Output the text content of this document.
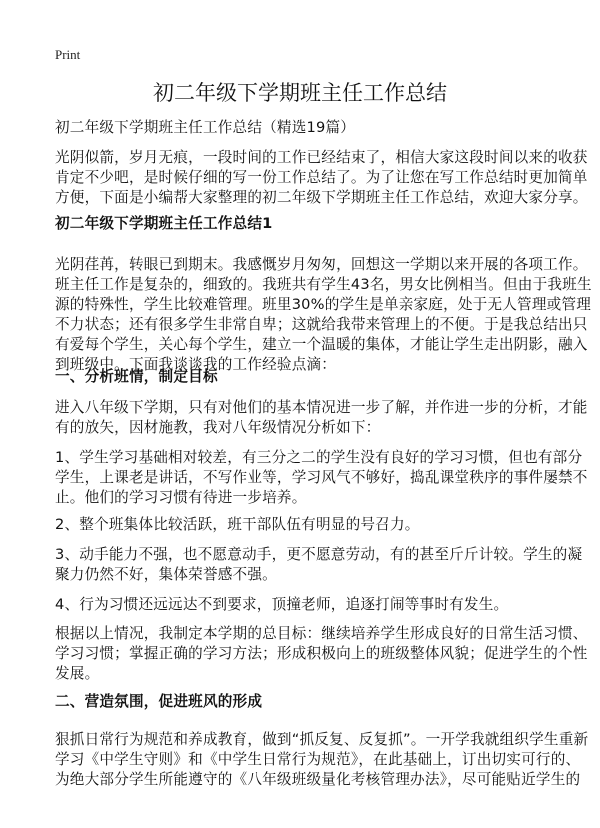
Print
初二年级下学期班主任工作总结
初二年级下学期班主任工作总结（精选19篇）
光阴似箭，岁月无痕，一段时间的工作已经结束了，相信大家这段时间以来的收获
肯定不少吧，是时候仔细的写一份工作总结了。为了让您在写工作总结时更加简单
方便，下面是小编帮大家整理的初二年级下学期班主任工作总结，欢迎大家分享。
初二年级下学期班主任工作总结1
光阴荏苒，转眼已到期末。我感慨岁月匆匆，回想这一学期以来开展的各项工作。
班主任工作是复杂的，细致的。我班共有学生43名，男女比例相当。但由于我班生
源的特殊性，学生比较难管理。班里30%的学生是单亲家庭，处于无人管理或管理
不力状态；还有很多学生非常自卑；这就给我带来管理上的不便。于是我总结出只
有爱每个学生，关心每个学生，建立一个温暖的集体，才能让学生走出阴影，融入
到班级中。下面我谈谈我的工作经验点滴：
一、分析班情，制定目标
进入八年级下学期，只有对他们的基本情况进一步了解，并作进一步的分析，才能
有的放矢，因材施教，我对八年级情况分析如下：
1、学生学习基础相对较差，有三分之二的学生没有良好的学习习惯，但也有部分
学生，上课老是讲话，不写作业等，学习风气不够好，捣乱课堂秩序的事件屡禁不
止。他们的学习习惯有待进一步培养。
2、整个班集体比较活跃，班干部队伍有明显的号召力。
3、动手能力不强，也不愿意动手，更不愿意劳动，有的甚至斤斤计较。学生的凝
聚力仍然不好，集体荣誉感不强。
4、行为习惯还远远达不到要求，顶撞老师，追逐打闹等事时有发生。
根据以上情况，我制定本学期的总目标：继续培养学生形成良好的日常生活习惯、
学习习惯；掌握正确的学习方法；形成积极向上的班级整体风貌；促进学生的个性
发展。
二、营造氛围，促进班风的形成
狠抓日常行为规范和养成教育，做到“抓反复、反复抓”。一开学我就组织学生重新
学习《中学生守则》和《中学生日常行为规范》，在此基础上，订出切实可行的、
为绝大部分学生所能遵守的《八年级班级量化考核管理办法》，尽可能贴近学生的
